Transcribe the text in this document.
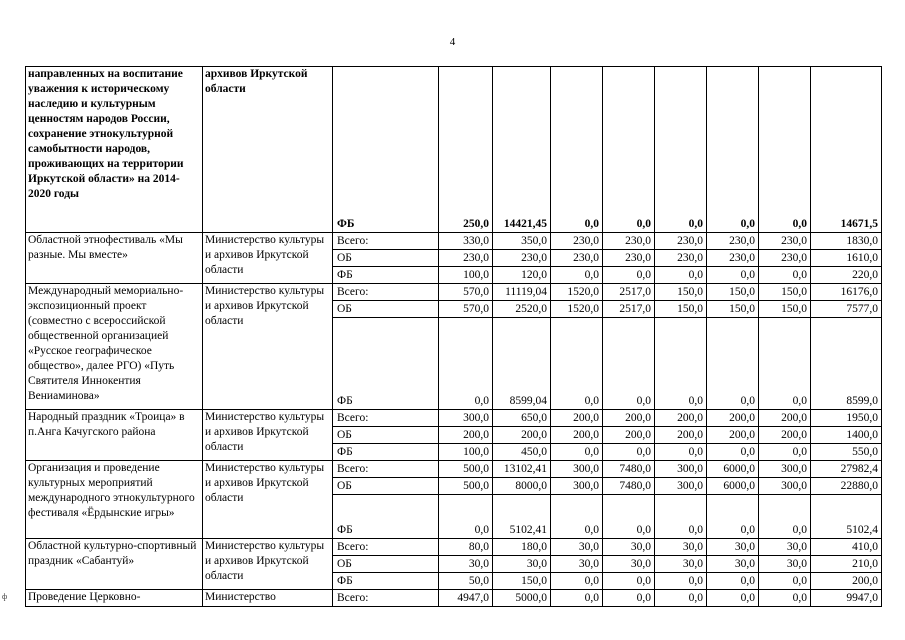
4
направленных на воспитание уважения к историческому наследию и культурным ценностям народов России, сохранение этнокультурной самобытности народов, проживающих на территории Иркутской области» на 2014-2020 годы	архивов Иркутской области	ФБ	250,0	14421,45	0,0	0,0	0,0	0,0	0,0	14671,5
Областной этнофестиваль «Мы разные. Мы вместе»	Министерство культуры и архивов Иркутской области	Всего:	330,0	350,0	230,0	230,0	230,0	230,0	230,0	1830,0
		ОБ	230,0	230,0	230,0	230,0	230,0	230,0	230,0	1610,0
		ФБ	100,0	120,0	0,0	0,0	0,0	0,0	0,0	220,0
Международный мемориально-экспозиционный проект (совместно с всероссийской общественной организацией «Русское географическое общество», далее РГО) «Путь Святителя Иннокентия Вениаминова»	Министерство культуры и архивов Иркутской области	Всего:	570,0	11119,04	1520,0	2517,0	150,0	150,0	150,0	16176,0
		ОБ	570,0	2520,0	1520,0	2517,0	150,0	150,0	150,0	7577,0
		ФБ	0,0	8599,04	0,0	0,0	0,0	0,0	0,0	8599,0
Народный праздник «Троица» в п.Анга Качугского района	Министерство культуры и архивов Иркутской области	Всего:	300,0	650,0	200,0	200,0	200,0	200,0	200,0	1950,0
		ОБ	200,0	200,0	200,0	200,0	200,0	200,0	200,0	1400,0
		ФБ	100,0	450,0	0,0	0,0	0,0	0,0	0,0	550,0
Организация и проведение культурных мероприятий международного этнокультурного фестиваля «Ёрдынские игры»	Министерство культуры и архивов Иркутской области	Всего:	500,0	13102,41	300,0	7480,0	300,0	6000,0	300,0	27982,4
		ОБ	500,0	8000,0	300,0	7480,0	300,0	6000,0	300,0	22880,0
		ФБ	0,0	5102,41	0,0	0,0	0,0	0,0	0,0	5102,4
Областной культурно-спортивный праздник «Сабантуй»	Министерство культуры и архивов Иркутской области	Всего:	80,0	180,0	30,0	30,0	30,0	30,0	30,0	410,0
		ОБ	30,0	30,0	30,0	30,0	30,0	30,0	30,0	210,0
		ФБ	50,0	150,0	0,0	0,0	0,0	0,0	0,0	200,0
Проведение Церковно-	Министерство	Всего:	4947,0	5000,0	0,0	0,0	0,0	0,0	0,0	9947,0
ф
